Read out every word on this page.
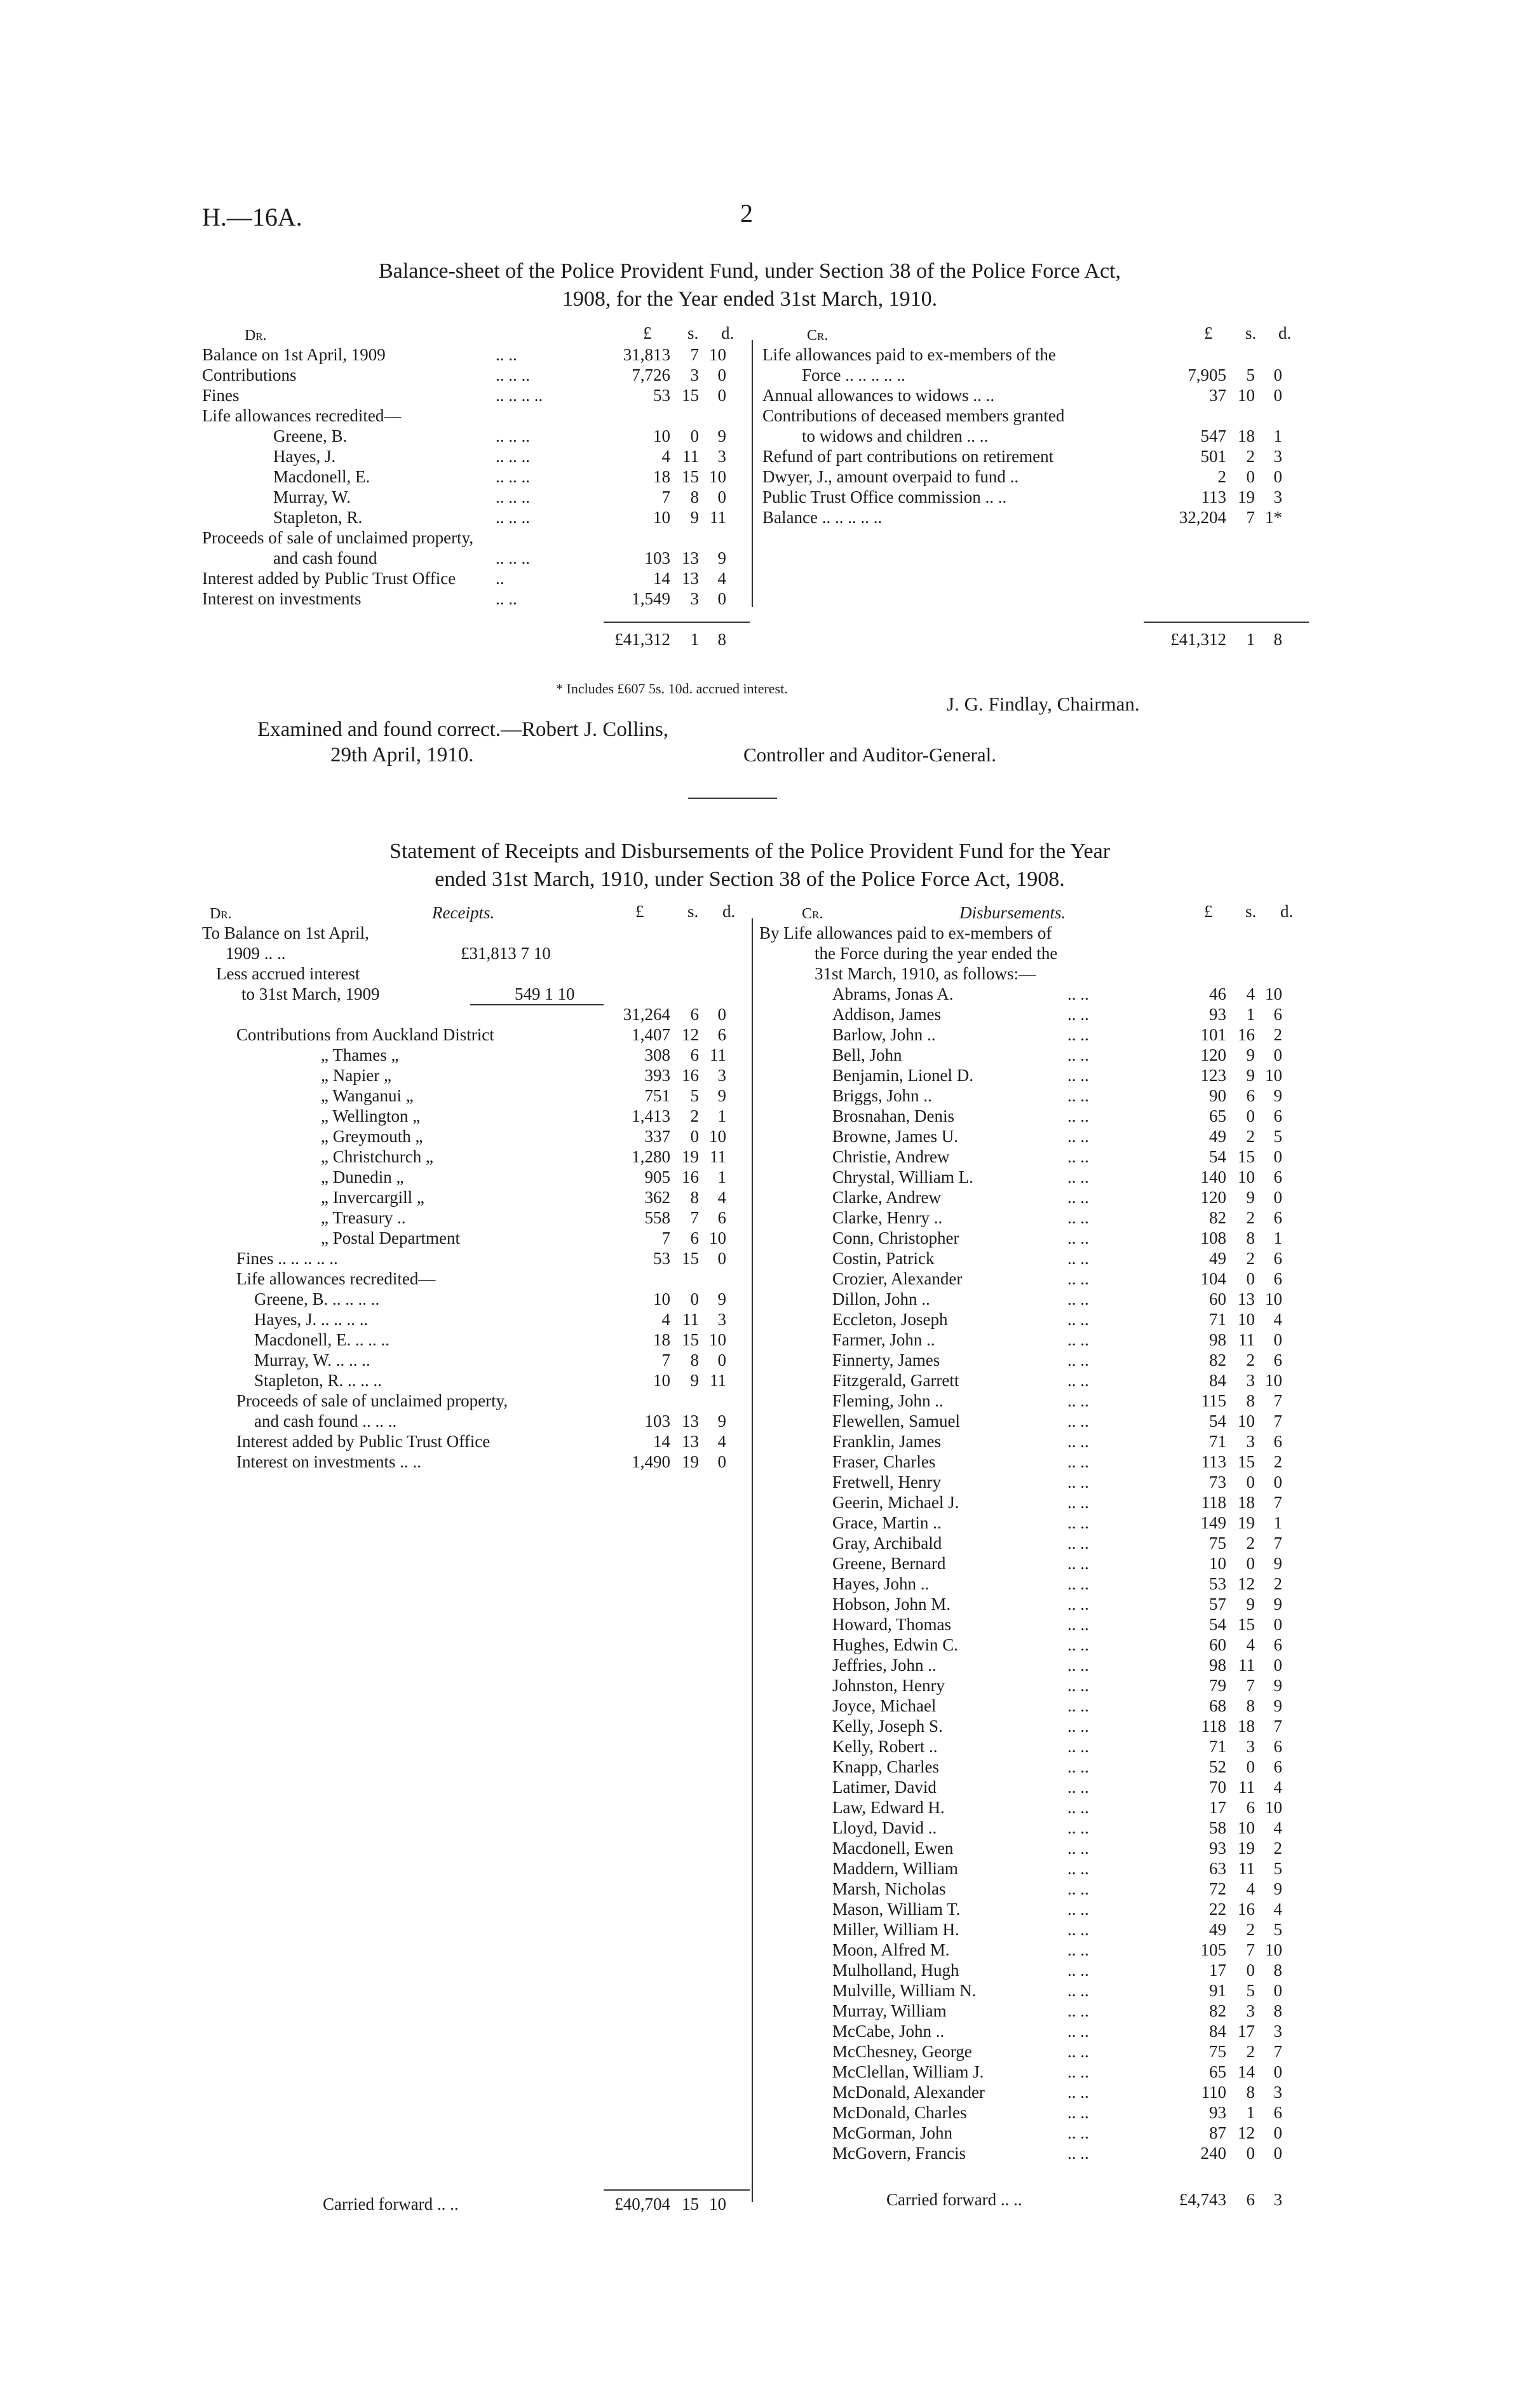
H.—16A.	2
Balance-sheet of the Police Provident Fund, under Section 38 of the Police Force Act,
1908, for the Year ended 31st March, 1910.
Dr.	£ s. d.	Cr.	£ s. d.
Balance on 1st April, 1909	.. ..	31,813	7 10
Contributions	.. .. ..	7,726	3	0
Fines	.. .. .. ..	53 15	0
Life allowances recredited—
Greene, B.	.. .. ..	10	0	9
Hayes, J.	.. .. ..	4 11	3
Macdonell, E.	.. .. ..	18 15 10
Murray, W.	.. .. ..	7	8	0
Stapleton, R.	.. .. ..	10	9 11
Proceeds of sale of unclaimed property,
and cash found	.. .. ..	103 13	9
Interest added by Public Trust Office ..	14 13	4
Interest on investments	.. ..	1,549	3	0
£41,312	1	8
Life allowances paid to ex-members of the
Force .. .. .. .. ..	7,905	5	0
Annual allowances to widows .. ..	37 10	0
Contributions of deceased members granted
to widows and children .. ..	547 18	1
Refund of part contributions on retirement	501	2	3
Dwyer, J., amount overpaid to fund ..	2	0	0
Public Trust Office commission .. ..	113 19	3
Balance .. .. .. .. ..	32,204	7 1*
£41,312	1	8
* Includes £607 5s. 10d. accrued interest.
J. G. Findlay, Chairman.
Examined and found correct.—Robert J. Collins,
29th April, 1910.	Controller and Auditor-General.
Statement of Receipts and Disbursements of the Police Provident Fund for the Year
ended 31st March, 1910, under Section 38 of the Police Force Act, 1908.
Dr.	Receipts.	£	s. d.	Cr.	Disbursements.	£ s. d.
To Balance on 1st April,
1909 .. ..	£31,813 7 10
Less accrued interest
to 31st March, 1909	549 1 10
31,264	6	0
Contributions from Auckland District	1,407 12	6
„ Thames „	308	6 11
„ Napier „	393 16	3
„ Wanganui „	751	5	9
„ Wellington „	1,413	2	1
„ Greymouth „	337	0 10
„ Christchurch „	1,280 19 11
„ Dunedin „	905 16	1
„ Invercargill „	362	8	4
„ Treasury ..	558	7	6
„ Postal Department	7	6 10
Fines .. .. .. .. ..	53 15	0
Life allowances recredited—
Greene, B. .. .. .. ..	10	0	9
Hayes, J. .. .. .. ..	4 11	3
Macdonell, E. .. .. ..	18 15 10
Murray, W. .. .. ..	7	8	0
Stapleton, R. .. .. ..	10	9 11
Proceeds of sale of unclaimed property,
and cash found .. .. ..	103 13	9
Interest added by Public Trust Office	14 13	4
Interest on investments .. ..	1,490 19	0
Carried forward .. ..	£40,704 15 10
By Life allowances paid to ex-members of
the Force during the year ended the
31st March, 1910, as follows:—
Abrams, Jonas A.	.. ..	46	4 10
Addison, James	.. ..	93	1	6
Barlow, John ..	.. ..	101 16	2
Bell, John	.. ..	120	9	0
Benjamin, Lionel D.	.. ..	123	9 10
Briggs, John ..	.. ..	90	6	9
Brosnahan, Denis	.. ..	65	0	6
Browne, James U.	.. ..	49	2	5
Christie, Andrew	.. ..	54 15	0
Chrystal, William L.	.. ..	140 10	6
Clarke, Andrew	.. ..	120	9	0
Clarke, Henry ..	.. ..	82	2	6
Conn, Christopher	.. ..	108	8	1
Costin, Patrick	.. ..	49	2	6
Crozier, Alexander	.. ..	104	0	6
Dillon, John ..	.. ..	60 13 10
Eccleton, Joseph	.. ..	71 10	4
Farmer, John ..	.. ..	98 11	0
Finnerty, James	.. ..	82	2	6
Fitzgerald, Garrett	.. ..	84	3 10
Fleming, John ..	.. ..	115	8	7
Flewellen, Samuel	.. ..	54 10	7
Franklin, James	.. ..	71	3	6
Fraser, Charles	.. ..	113 15	2
Fretwell, Henry	.. ..	73	0	0
Geerin, Michael J.	.. ..	118 18	7
Grace, Martin ..	.. ..	149 19	1
Gray, Archibald	.. ..	75	2	7
Greene, Bernard	.. ..	10	0	9
Hayes, John ..	.. ..	53 12	2
Hobson, John M.	.. ..	57	9	9
Howard, Thomas	.. ..	54 15	0
Hughes, Edwin C.	.. ..	60	4	6
Jeffries, John ..	.. ..	98 11	0
Johnston, Henry	.. ..	79	7	9
Joyce, Michael	.. ..	68	8	9
Kelly, Joseph S.	.. ..	118 18	7
Kelly, Robert ..	.. ..	71	3	6
Knapp, Charles	.. ..	52	0	6
Latimer, David	.. ..	70 11	4
Law, Edward H.	.. ..	17	6 10
Lloyd, David ..	.. ..	58 10	4
Macdonell, Ewen	.. ..	93 19	2
Maddern, William	.. ..	63 11	5
Marsh, Nicholas	.. ..	72	4	9
Mason, William T.	.. ..	22 16	4
Miller, William H.	.. ..	49	2	5
Moon, Alfred M.	.. ..	105	7 10
Mulholland, Hugh	.. ..	17	0	8
Mulville, William N.	.. ..	91	5	0
Murray, William	.. ..	82	3	8
McCabe, John ..	.. ..	84 17	3
McChesney, George	.. ..	75	2	7
McClellan, William J.	.. ..	65 14	0
McDonald, Alexander	.. ..	110	8	3
McDonald, Charles	.. ..	93	1	6
McGorman, John	.. ..	87 12	0
McGovern, Francis	.. ..	240	0	0
Carried forward .. ..	£4,743	6	3
